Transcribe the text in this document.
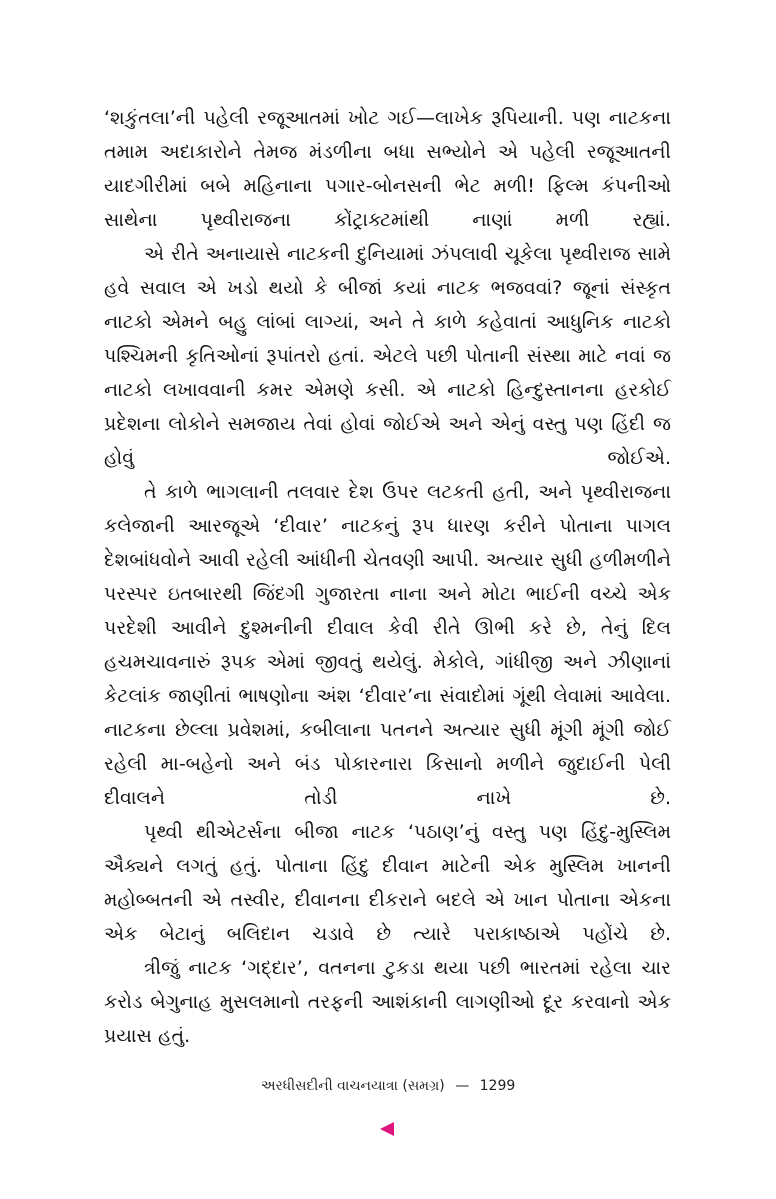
‘શકુંતલા’ની પહેલી રજૂઆતમાં ખોટ ગઈ—લાખેક રૂપિયાની. પણ નાટકના તમામ અદાકારોને તેમજ મંડળીના બધા સભ્યોને એ પહેલી રજૂઆતની યાદગીરીમાં બબે મહિનાના પગાર-બોનસની ભેટ મળી! ફિલ્મ કંપનીઓ સાથેના પૃથ્વીરાજના કોંટ્રાક્ટમાંથી નાણાં મળી રહ્યાં.

એ રીતે અનાયાસે નાટકની દુનિયામાં ઝંપલાવી ચૂકેલા પૃથ્વીરાજ સામે હવે સવાલ એ ખડો થયો કે બીજાં કયાં નાટક ભજવવાં? જૂનાં સંસ્કૃત નાટકો એમને બહુ લાંબાં લાગ્યાં, અને તે કાળે કહેવાતાં આધુનિક નાટકો પશ્ચિમની કૃતિઓનાં રૂપાંતરો હતાં. એટલે પછી પોતાની સંસ્થા માટે નવાં જ નાટકો લખાવવાની કમર એમણે કસી. એ નાટકો હિન્દુસ્તાનના હરકોઈ પ્રદેશના લોકોને સમજાય તેવાં હોવાં જોઈએ અને એનું વસ્તુ પણ હિંદી જ હોવું જોઈએ.

તે કાળે ભાગલાની તલવાર દેશ ઉપર લટકતી હતી, અને પૃથ્વીરાજના કલેજાની આરજૂએ ‘દીવાર’ નાટકનું રૂપ ધારણ કરીને પોતાના પાગલ દેશબાંધવોને આવી રહેલી આંધીની ચેતવણી આપી. અત્યાર સુધી હળીમળીને પરસ્પર ઇતબારથી જિંદગી ગુજારતા નાના અને મોટા ભાઈની વચ્ચે એક પરદેશી આવીને દુશ્મનીની દીવાલ કેવી રીતે ઊભી કરે છે, તેનું દિલ હચમચાવનારું રૂપક એમાં જીવતું થયેલું. મેકોલે, ગાંધીજી અને ઝીણાનાં કેટલાંક જાણીતાં ભાષણોના અંશ ‘દીવાર’ના સંવાદોમાં ગૂંથી લેવામાં આવેલા. નાટકના છેલ્લા પ્રવેશમાં, કબીલાના પતનને અત્યાર સુધી મૂંગી મૂંગી જોઈ રહેલી મા-બહેનો અને બંડ પોકારનારા કિસાનો મળીને જુદાઈની પેલી દીવાલને તોડી નાખે છે.

પૃથ્વી થીએટર્સના બીજા નાટક ‘પઠાણ’નું વસ્તુ પણ હિંદુ-મુસ્લિમ ઐક્યને લગતું હતું. પોતાના હિંદુ દીવાન માટેની એક મુસ્લિમ ખાનની મહોબ્બતની એ તસ્વીર, દીવાનના દીકરાને બદલે એ ખાન પોતાના એકના એક બેટાનું બલિદાન ચડાવે છે ત્યારે પરાકાષ્ઠાએ પહોંચે છે.

ત્રીજું નાટક ‘ગદ્દાર’, વતનના ટુકડા થયા પછી ભારતમાં રહેલા ચાર કરોડ બેગુનાહ મુસલમાનો તરફની આશંકાની લાગણીઓ દૂર કરવાનો એક પ્રયાસ હતું.

અરધીસદીની વાચનયાત્રા (સમગ્ર) — 1299
